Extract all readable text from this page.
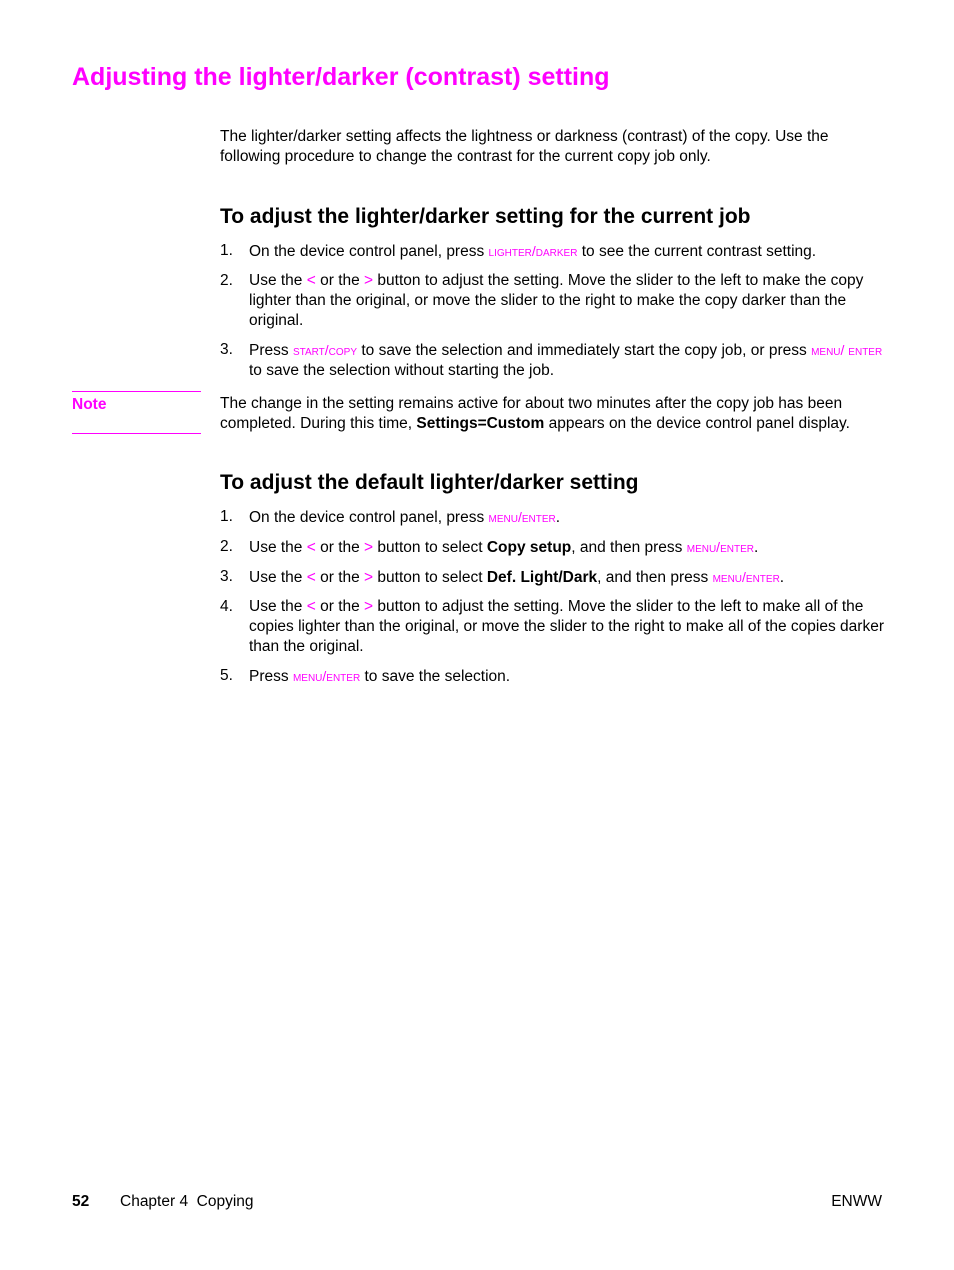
Adjusting the lighter/darker (contrast) setting

The lighter/darker setting affects the lightness or darkness (contrast) of the copy. Use the following procedure to change the contrast for the current copy job only.

To adjust the lighter/darker setting for the current job
1. On the device control panel, press lighter/darker to see the current contrast setting.
2. Use the < or the > button to adjust the setting. Move the slider to the left to make the copy lighter than the original, or move the slider to the right to make the copy darker than the original.
3. Press start/copy to save the selection and immediately start the copy job, or press menu/ enter to save the selection without starting the job.
Note	The change in the setting remains active for about two minutes after the copy job has been completed. During this time, Settings=Custom appears on the device control panel display.

To adjust the default lighter/darker setting
1. On the device control panel, press menu/enter.
2. Use the < or the > button to select Copy setup, and then press menu/enter.
3. Use the < or the > button to select Def. Light/Dark, and then press menu/enter.
4. Use the < or the > button to adjust the setting. Move the slider to the left to make all of the copies lighter than the original, or move the slider to the right to make all of the copies darker than the original.
5. Press menu/enter to save the selection.
52 Chapter 4  Copying	ENWW
